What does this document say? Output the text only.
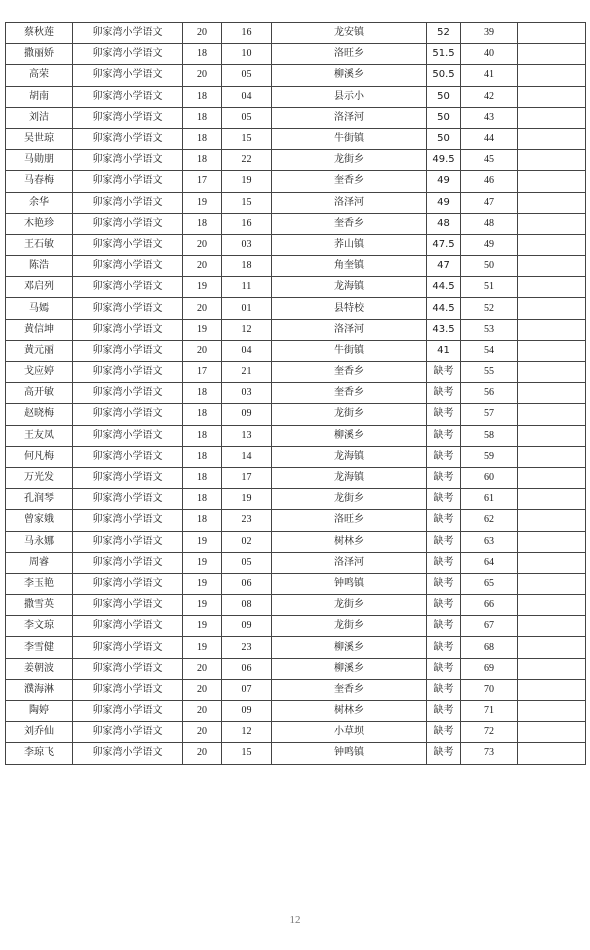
蔡秋莲	卯家湾小学语文	20	16	龙安镇	52	39	
撒丽娇	卯家湾小学语文	18	10	洛旺乡	51.5	40	
高荣	卯家湾小学语文	20	05	柳溪乡	50.5	41	
胡南	卯家湾小学语文	18	04	县示小	50	42	
刘洁	卯家湾小学语文	18	05	洛泽河	50	43	
吴世琼	卯家湾小学语文	18	15	牛街镇	50	44	
马勋朋	卯家湾小学语文	18	22	龙街乡	49.5	45	
马春梅	卯家湾小学语文	17	19	奎香乡	49	46	
余华	卯家湾小学语文	19	15	洛泽河	49	47	
木艳珍	卯家湾小学语文	18	16	奎香乡	48	48	
王石敏	卯家湾小学语文	20	03	荞山镇	47.5	49	
陈浩	卯家湾小学语文	20	18	角奎镇	47	50	
邓启列	卯家湾小学语文	19	11	龙海镇	44.5	51	
马嫣	卯家湾小学语文	20	01	县特校	44.5	52	
黄信坤	卯家湾小学语文	19	12	洛泽河	43.5	53	
黄元丽	卯家湾小学语文	20	04	牛街镇	41	54	
戈应婷	卯家湾小学语文	17	21	奎香乡	缺考	55	
高开敏	卯家湾小学语文	18	03	奎香乡	缺考	56	
赵晓梅	卯家湾小学语文	18	09	龙街乡	缺考	57	
王友凤	卯家湾小学语文	18	13	柳溪乡	缺考	58	
何凡梅	卯家湾小学语文	18	14	龙海镇	缺考	59	
万光发	卯家湾小学语文	18	17	龙海镇	缺考	60	
孔润琴	卯家湾小学语文	18	19	龙街乡	缺考	61	
曾家娥	卯家湾小学语文	18	23	洛旺乡	缺考	62	
马永娜	卯家湾小学语文	19	02	树林乡	缺考	63	
周睿	卯家湾小学语文	19	05	洛泽河	缺考	64	
李玉艳	卯家湾小学语文	19	06	钟鸣镇	缺考	65	
撒雪英	卯家湾小学语文	19	08	龙街乡	缺考	66	
李文琼	卯家湾小学语文	19	09	龙街乡	缺考	67	
李雪健	卯家湾小学语文	19	23	柳溪乡	缺考	68	
姜朝波	卯家湾小学语文	20	06	柳溪乡	缺考	69	
濮海淋	卯家湾小学语文	20	07	奎香乡	缺考	70	
陶婷	卯家湾小学语文	20	09	树林乡	缺考	71	
刘乔仙	卯家湾小学语文	20	12	小草坝	缺考	72	
李琼飞	卯家湾小学语文	20	15	钟鸣镇	缺考	73	
12
